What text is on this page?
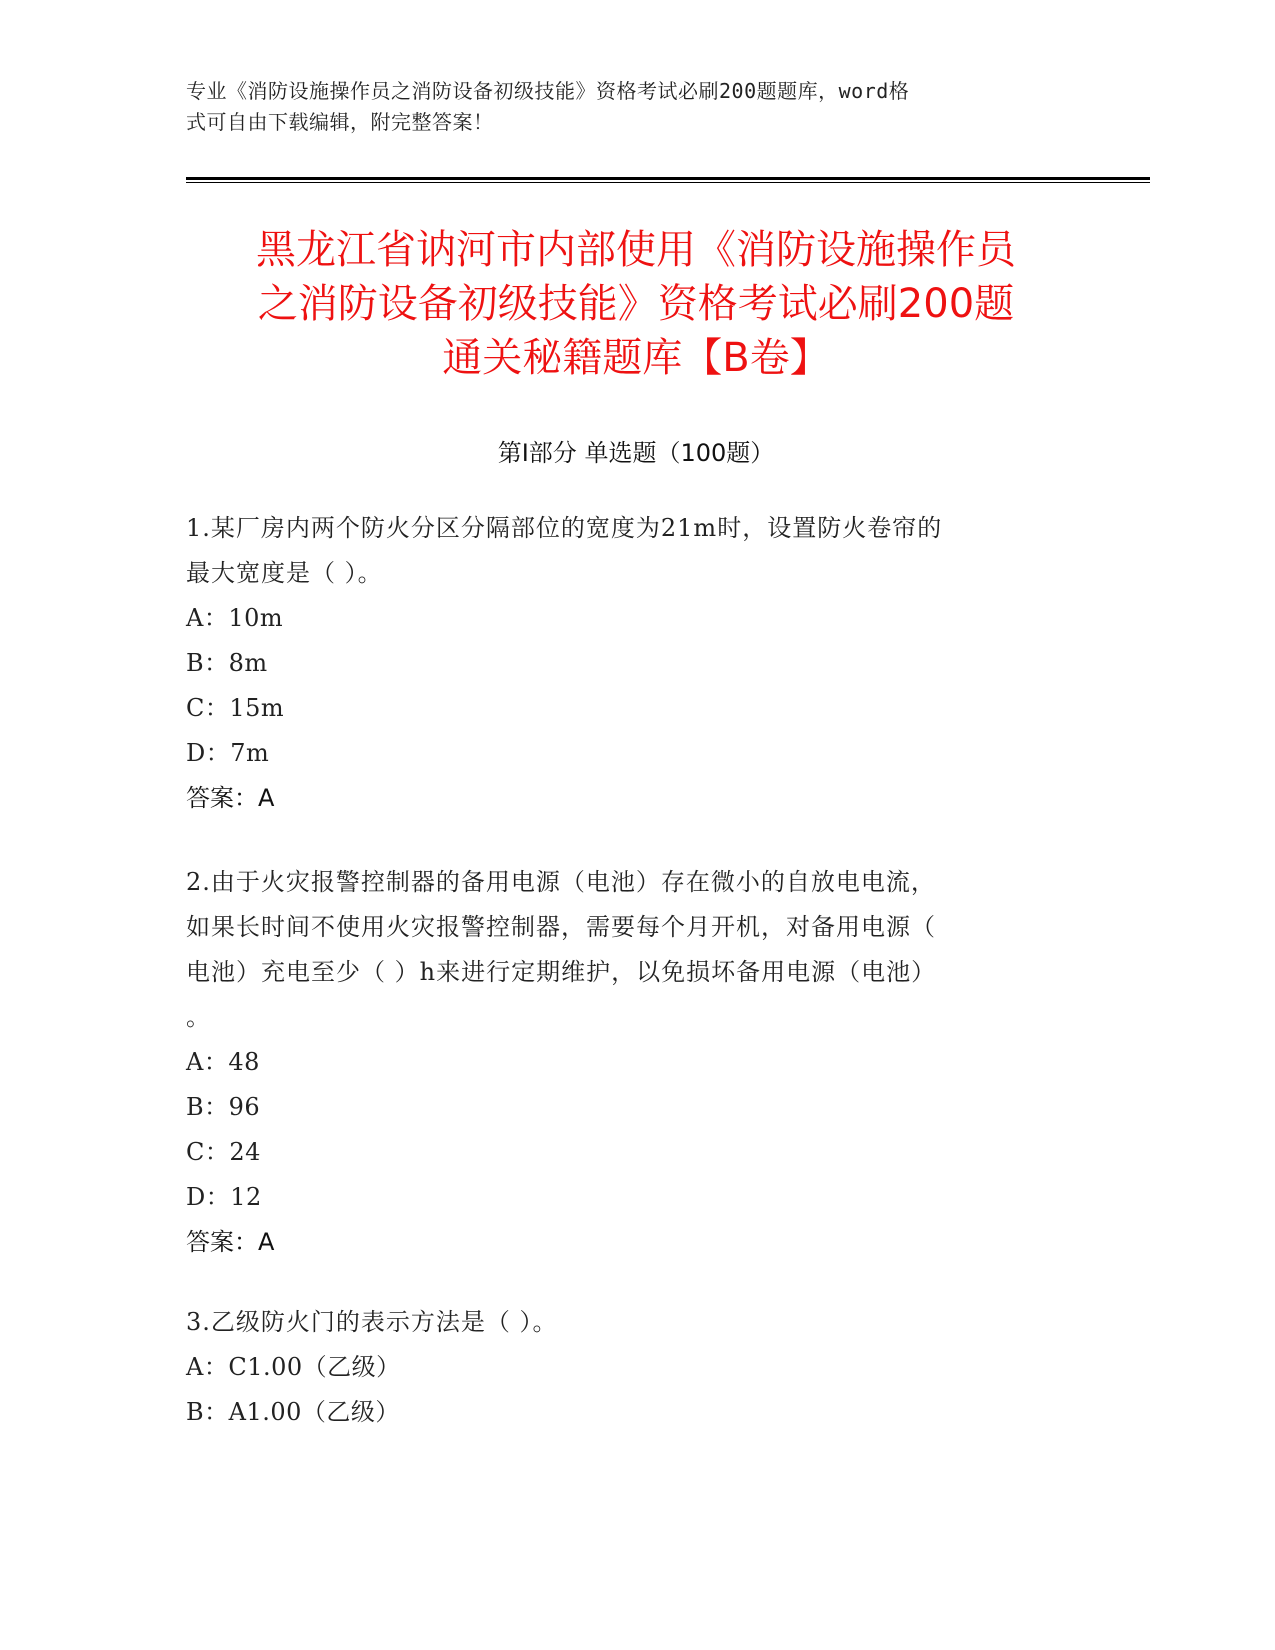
专业《消防设施操作员之消防设备初级技能》资格考试必刷200题题库，word格
式可自由下载编辑，附完整答案！
黑龙江省讷河市内部使用《消防设施操作员
之消防设备初级技能》资格考试必刷200题
通关秘籍题库【B卷】
第Ⅰ部分 单选题（100题）
1.某厂房内两个防火分区分隔部位的宽度为21m时，设置防火卷帘的
最大宽度是（ ）。
A：10m
B：8m
C：15m
D：7m
答案：A
2.由于火灾报警控制器的备用电源（电池）存在微小的自放电电流，
如果长时间不使用火灾报警控制器，需要每个月开机，对备用电源（
电池）充电至少（ ）h来进行定期维护，以免损坏备用电源（电池）
。
A：48
B：96
C：24
D：12
答案：A
3.乙级防火门的表示方法是（ ）。
A：C1.00（乙级）
B：A1.00（乙级）
